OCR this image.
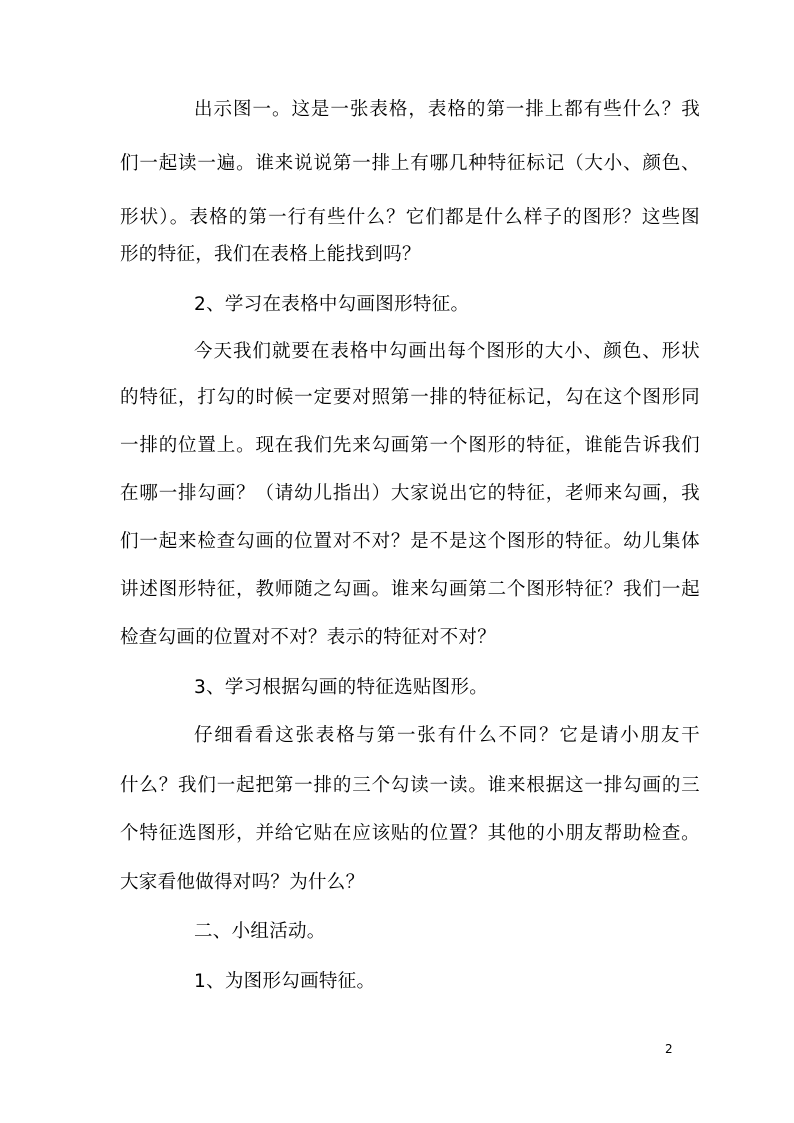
出示图一。这是一张表格，表格的第一排上都有些什么？我
们一起读一遍。谁来说说第一排上有哪几种特征标记（大小、颜色、
形状）。表格的第一行有些什么？它们都是什么样子的图形？这些图
形的特征，我们在表格上能找到吗？
2、学习在表格中勾画图形特征。
今天我们就要在表格中勾画出每个图形的大小、颜色、形状
的特征，打勾的时候一定要对照第一排的特征标记，勾在这个图形同
一排的位置上。现在我们先来勾画第一个图形的特征，谁能告诉我们
在哪一排勾画？（请幼儿指出）大家说出它的特征，老师来勾画，我
们一起来检查勾画的位置对不对？是不是这个图形的特征。幼儿集体
讲述图形特征，教师随之勾画。谁来勾画第二个图形特征？我们一起
检查勾画的位置对不对？表示的特征对不对？
3、学习根据勾画的特征选贴图形。
仔细看看这张表格与第一张有什么不同？它是请小朋友干
什么？我们一起把第一排的三个勾读一读。谁来根据这一排勾画的三
个特征选图形，并给它贴在应该贴的位置？其他的小朋友帮助检查。
大家看他做得对吗？为什么？
二、小组活动。
1、为图形勾画特征。
2
